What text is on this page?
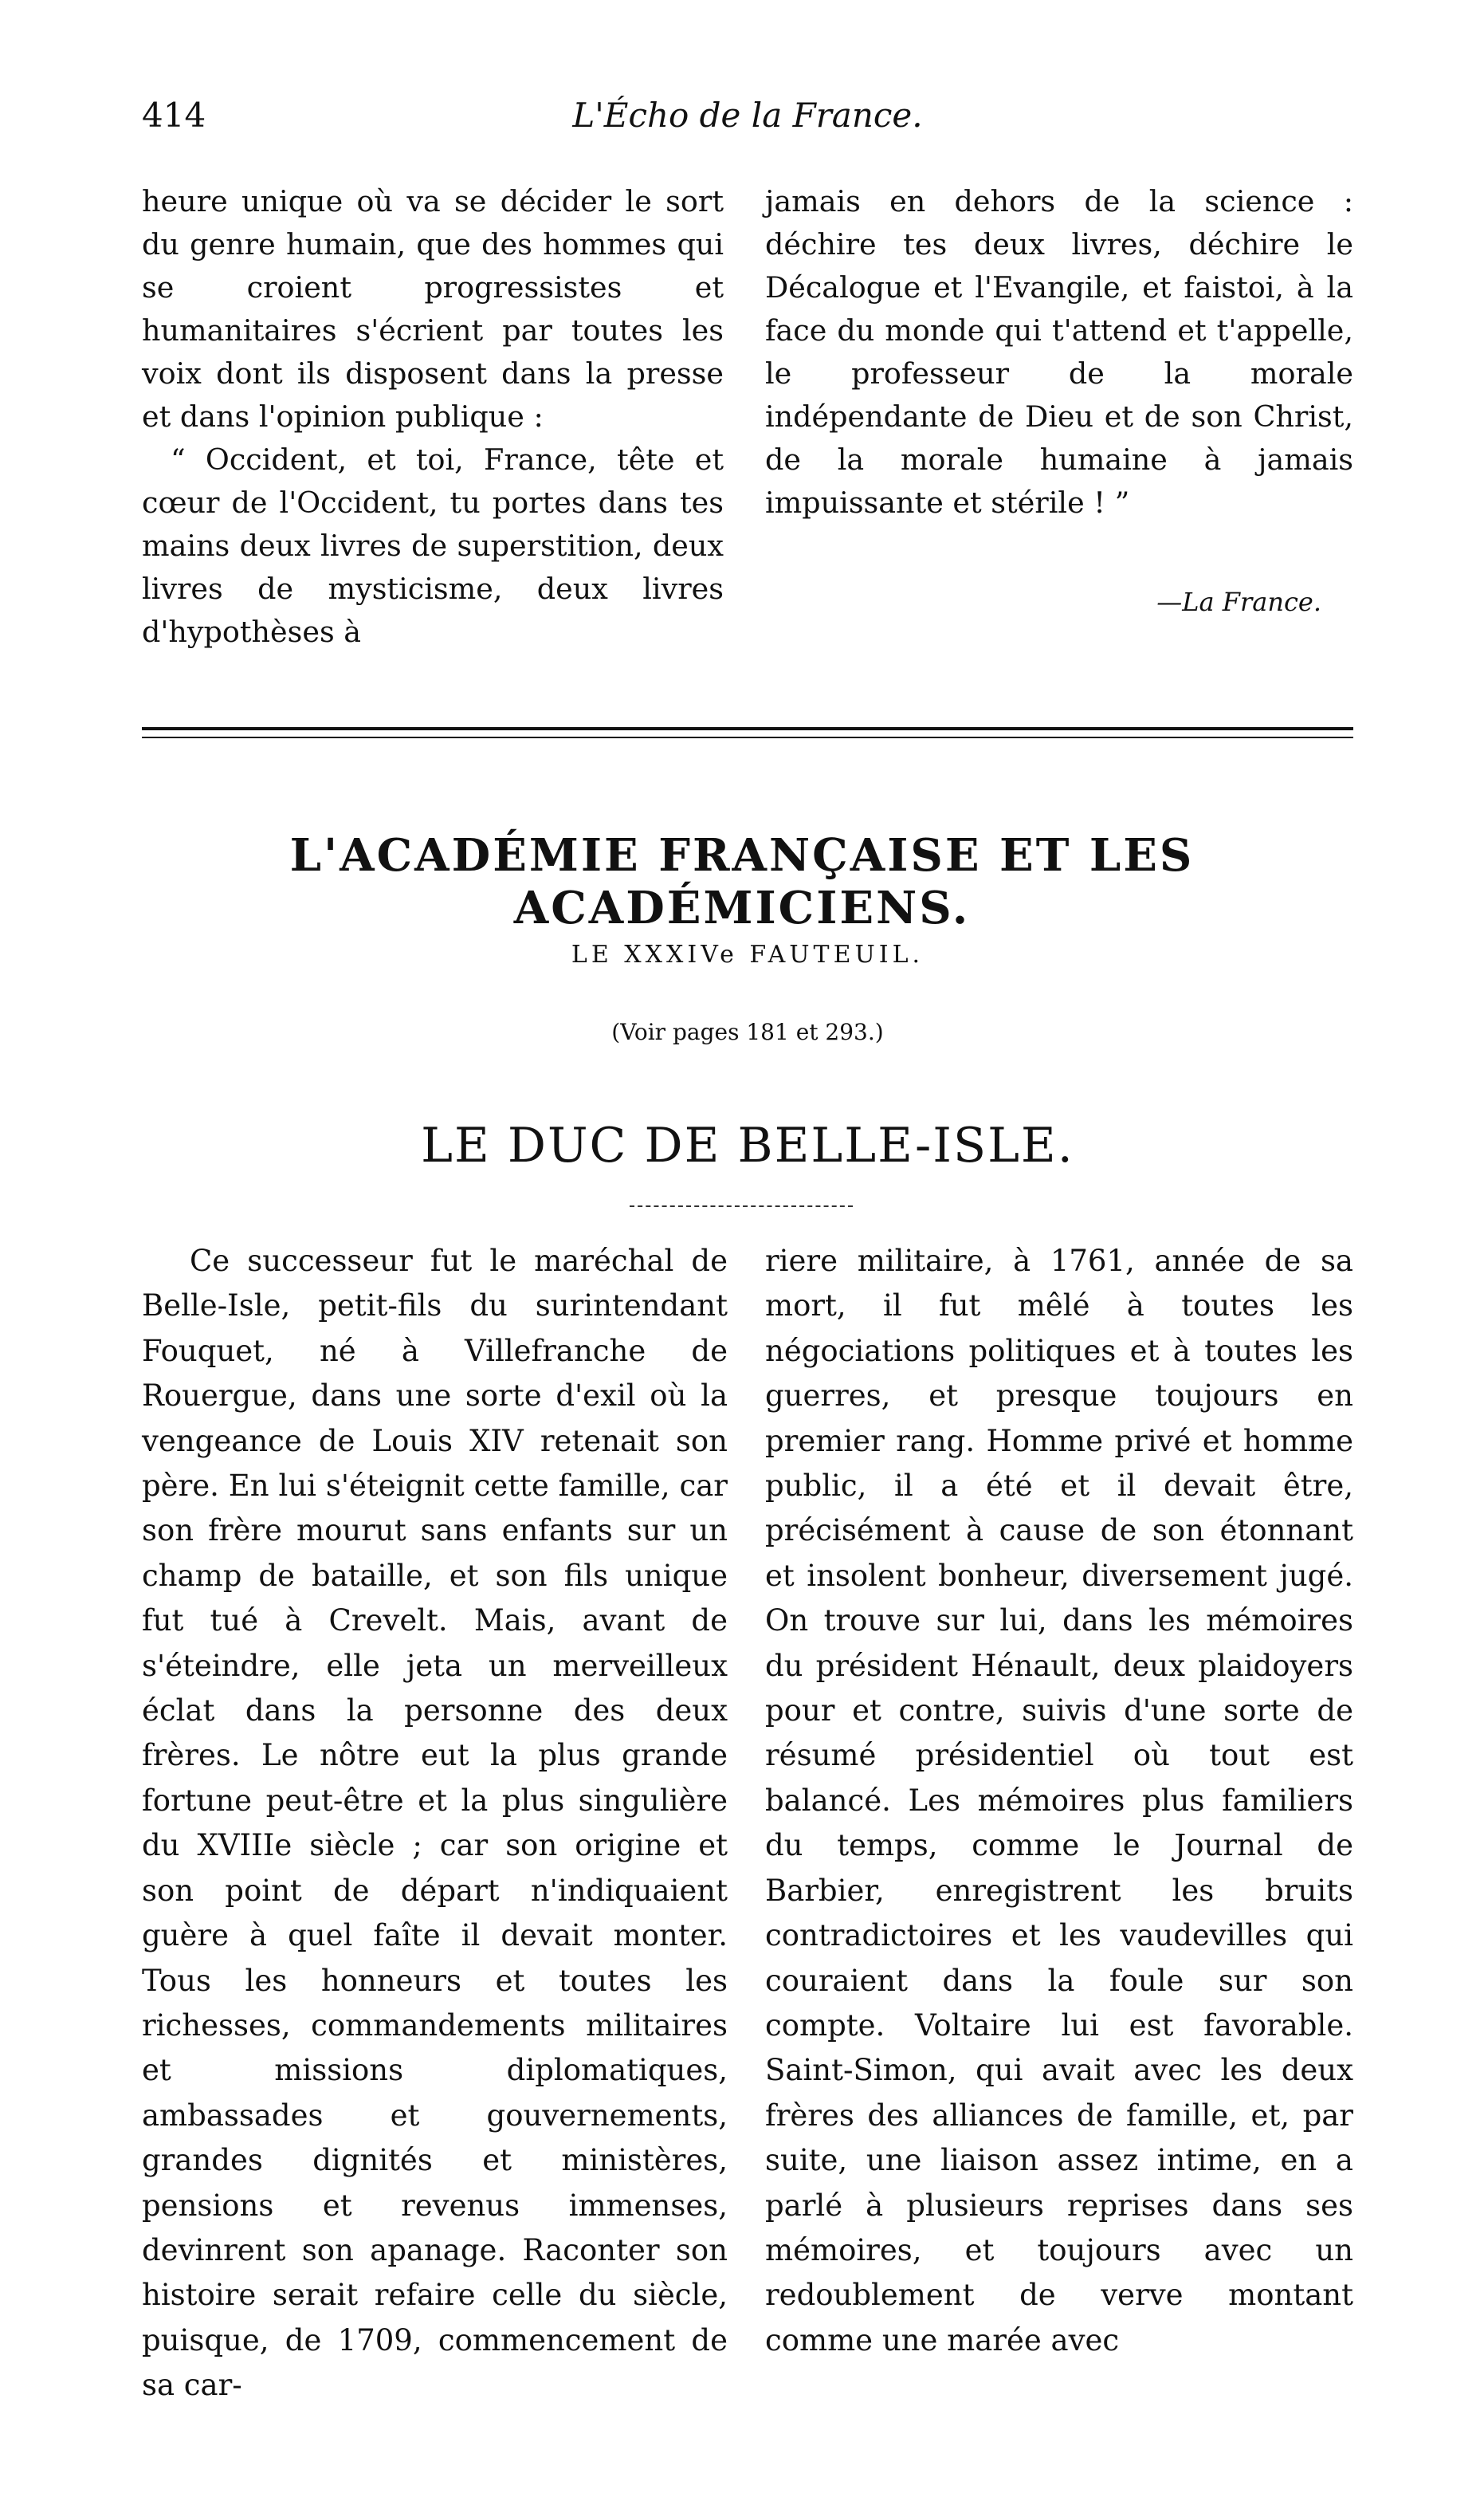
414	L'Écho de la France.

heure unique où va se décider le sort du genre humain, que des hommes qui se croient progressistes et humanitaires s'écrient par toutes les voix dont ils disposent dans la presse et dans l'opinion publique :

“ Occident, et toi, France, tête et cœur de l'Occident, tu portes dans tes mains deux livres de superstition, deux livres de mysticisme, deux livres d'hypothèses à

jamais en dehors de la science : déchire tes deux livres, déchire le Décalogue et l'Evangile, et faistoi, à la face du monde qui t'attend et t'appelle, le professeur de la morale indépendante de Dieu et de son Christ, de la morale humaine à jamais impuissante et stérile ! ”

—La France.

L'ACADÉMIE FRANÇAISE ET LES ACADÉMICIENS.
LE XXXIVe FAUTEUIL.
(Voir pages 181 et 293.)
LE DUC DE BELLE-ISLE.

Ce successeur fut le maréchal de Belle-Isle, petit-fils du surintendant Fouquet, né à Villefranche de Rouergue, dans une sorte d'exil où la vengeance de Louis XIV retenait son père. En lui s'éteignit cette famille, car son frère mourut sans enfants sur un champ de bataille, et son fils unique fut tué à Crevelt. Mais, avant de s'éteindre, elle jeta un merveilleux éclat dans la personne des deux frères. Le nôtre eut la plus grande fortune peut-être et la plus singulière du XVIIIe siècle ; car son origine et son point de départ n'indiquaient guère à quel faîte il devait monter. Tous les honneurs et toutes les richesses, commandements militaires et missions diplomatiques, ambassades et gouvernements, grandes dignités et ministères, pensions et revenus immenses, devinrent son apanage. Raconter son histoire serait refaire celle du siècle, puisque, de 1709, commencement de sa car-

riere militaire, à 1761, année de sa mort, il fut mêlé à toutes les négociations politiques et à toutes les guerres, et presque toujours en premier rang. Homme privé et homme public, il a été et il devait être, précisément à cause de son étonnant et insolent bonheur, diversement jugé. On trouve sur lui, dans les mémoires du président Hénault, deux plaidoyers pour et contre, suivis d'une sorte de résumé présidentiel où tout est balancé. Les mémoires plus familiers du temps, comme le Journal de Barbier, enregistrent les bruits contradictoires et les vaudevilles qui couraient dans la foule sur son compte. Voltaire lui est favorable. Saint-Simon, qui avait avec les deux frères des alliances de famille, et, par suite, une liaison assez intime, en a parlé à plusieurs reprises dans ses mémoires, et toujours avec un redoublement de verve montant comme une marée avec
